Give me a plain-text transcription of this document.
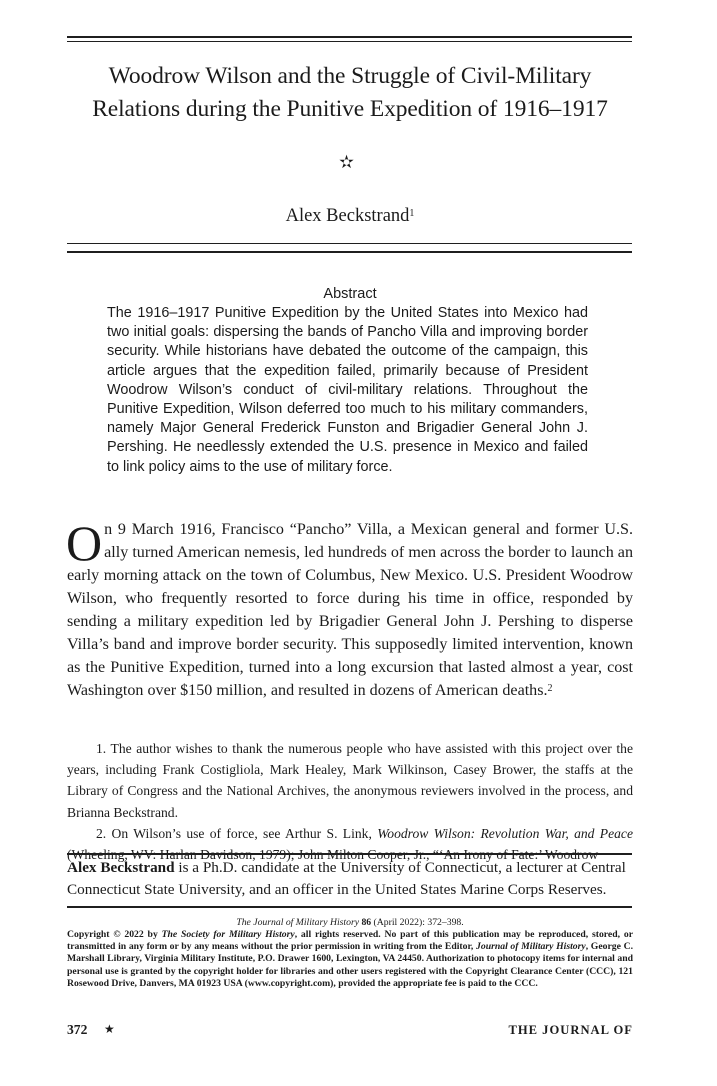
Woodrow Wilson and the Struggle of Civil-Military
Relations during the Punitive Expedition of 1916–1917
✫
Alex Beckstrand$^1$
Abstract
The 1916–1917 Punitive Expedition by the United States into Mexico had two initial goals: dispersing the bands of Pancho Villa and improving border security. While historians have debated the outcome of the campaign, this article argues that the expedition failed, primarily because of President Woodrow Wilson’s conduct of civil-military relations. Throughout the Punitive Expedition, Wilson deferred too much to his military commanders, namely Major General Frederick Funston and Brigadier General John J. Pershing. He needlessly extended the U.S. presence in Mexico and failed to link policy aims to the use of military force.
On 9 March 1916, Francisco “Pancho” Villa, a Mexican general and former U.S. ally turned American nemesis, led hundreds of men across the border to launch an early morning attack on the town of Columbus, New Mexico. U.S. President Woodrow Wilson, who frequently resorted to force during his time in office, responded by sending a military expedition led by Brigadier General John J. Pershing to disperse Villa’s band and improve border security. This supposedly limited intervention, known as the Punitive Expedition, turned into a long excursion that lasted almost a year, cost Washington over $150 million, and resulted in dozens of American deaths.$^2$
1. The author wishes to thank the numerous people who have assisted with this project over the years, including Frank Costigliola, Mark Healey, Mark Wilkinson, Casey Brower, the staffs at the Library of Congress and the National Archives, the anonymous reviewers involved in the process, and Brianna Beckstrand.
2. On Wilson’s use of force, see Arthur S. Link, Woodrow Wilson: Revolution War, and Peace
Alex Beckstrand is a Ph.D. candidate at the University of Connecticut, a lecturer at Central Connecticut State University, and an officer in the United States Marine Corps Reserves.
The Journal of Military History 86 (April 2022): 372–398.
Copyright © 2022 by The Society for Military History, all rights reserved. No part of this publication may be reproduced, stored, or transmitted in any form or by any means without the prior permission in writing from the Editor, Journal of Military History, George C. Marshall Library, Virginia Military Institute, P.O. Drawer 1600, Lexington, VA 24450. Authorization to photocopy items for internal and personal use is granted by the copyright holder for libraries and other users registered with the Copyright Clearance Center (CCC), 121 Rosewood Drive, Danvers, MA 01923 USA (www.copyright.com), provided the appropriate fee is paid to the CCC.
372 ★	THE JOURNAL OF
